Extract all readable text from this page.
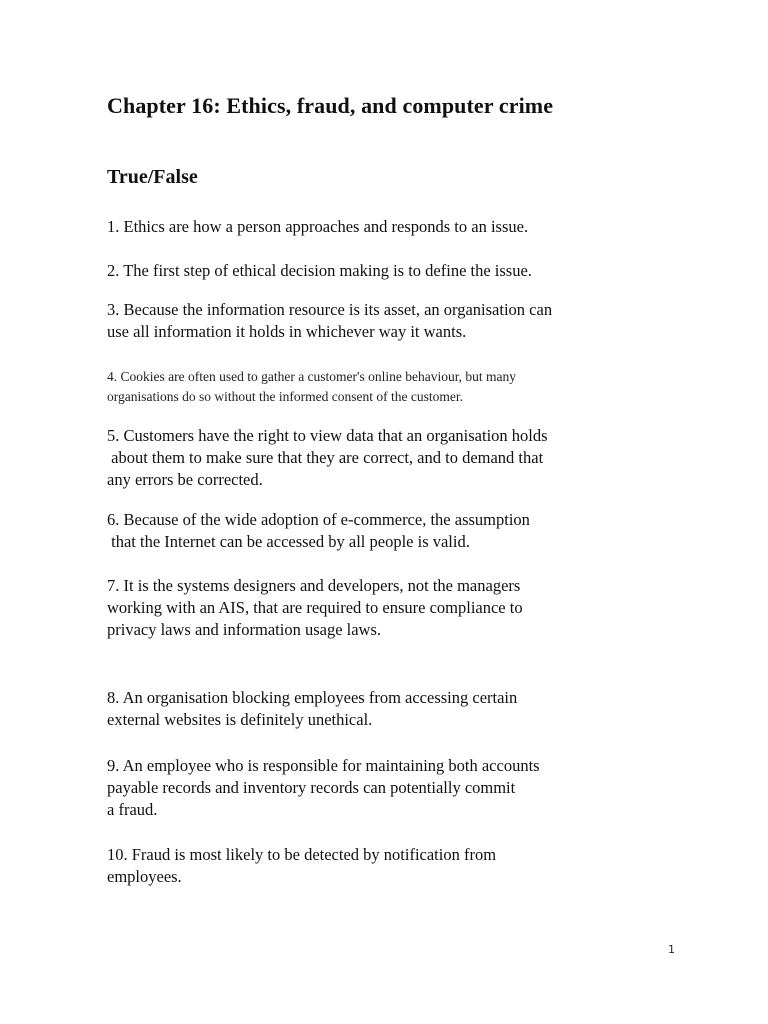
Chapter 16: Ethics, fraud, and computer crime
True/False

1. Ethics are how a person approaches and responds to an issue.

2. The first step of ethical decision making is to define the issue.

3. Because the information resource is its asset, an organisation can
use all information it holds in whichever way it wants.

4. Cookies are often used to gather a customer's online behaviour, but many
organisations do so without the informed consent of the customer.

5. Customers have the right to view data that an organisation holds
about them to make sure that they are correct, and to demand that
any errors be corrected.

6. Because of the wide adoption of e-commerce, the assumption
that the Internet can be accessed by all people is valid.

7. It is the systems designers and developers, not the managers
working with an AIS, that are required to ensure compliance to
privacy laws and information usage laws.

8. An organisation blocking employees from accessing certain
external websites is definitely unethical.

9. An employee who is responsible for maintaining both accounts
payable records and inventory records can potentially commit
a fraud.

10. Fraud is most likely to be detected by notification from
employees.

1
